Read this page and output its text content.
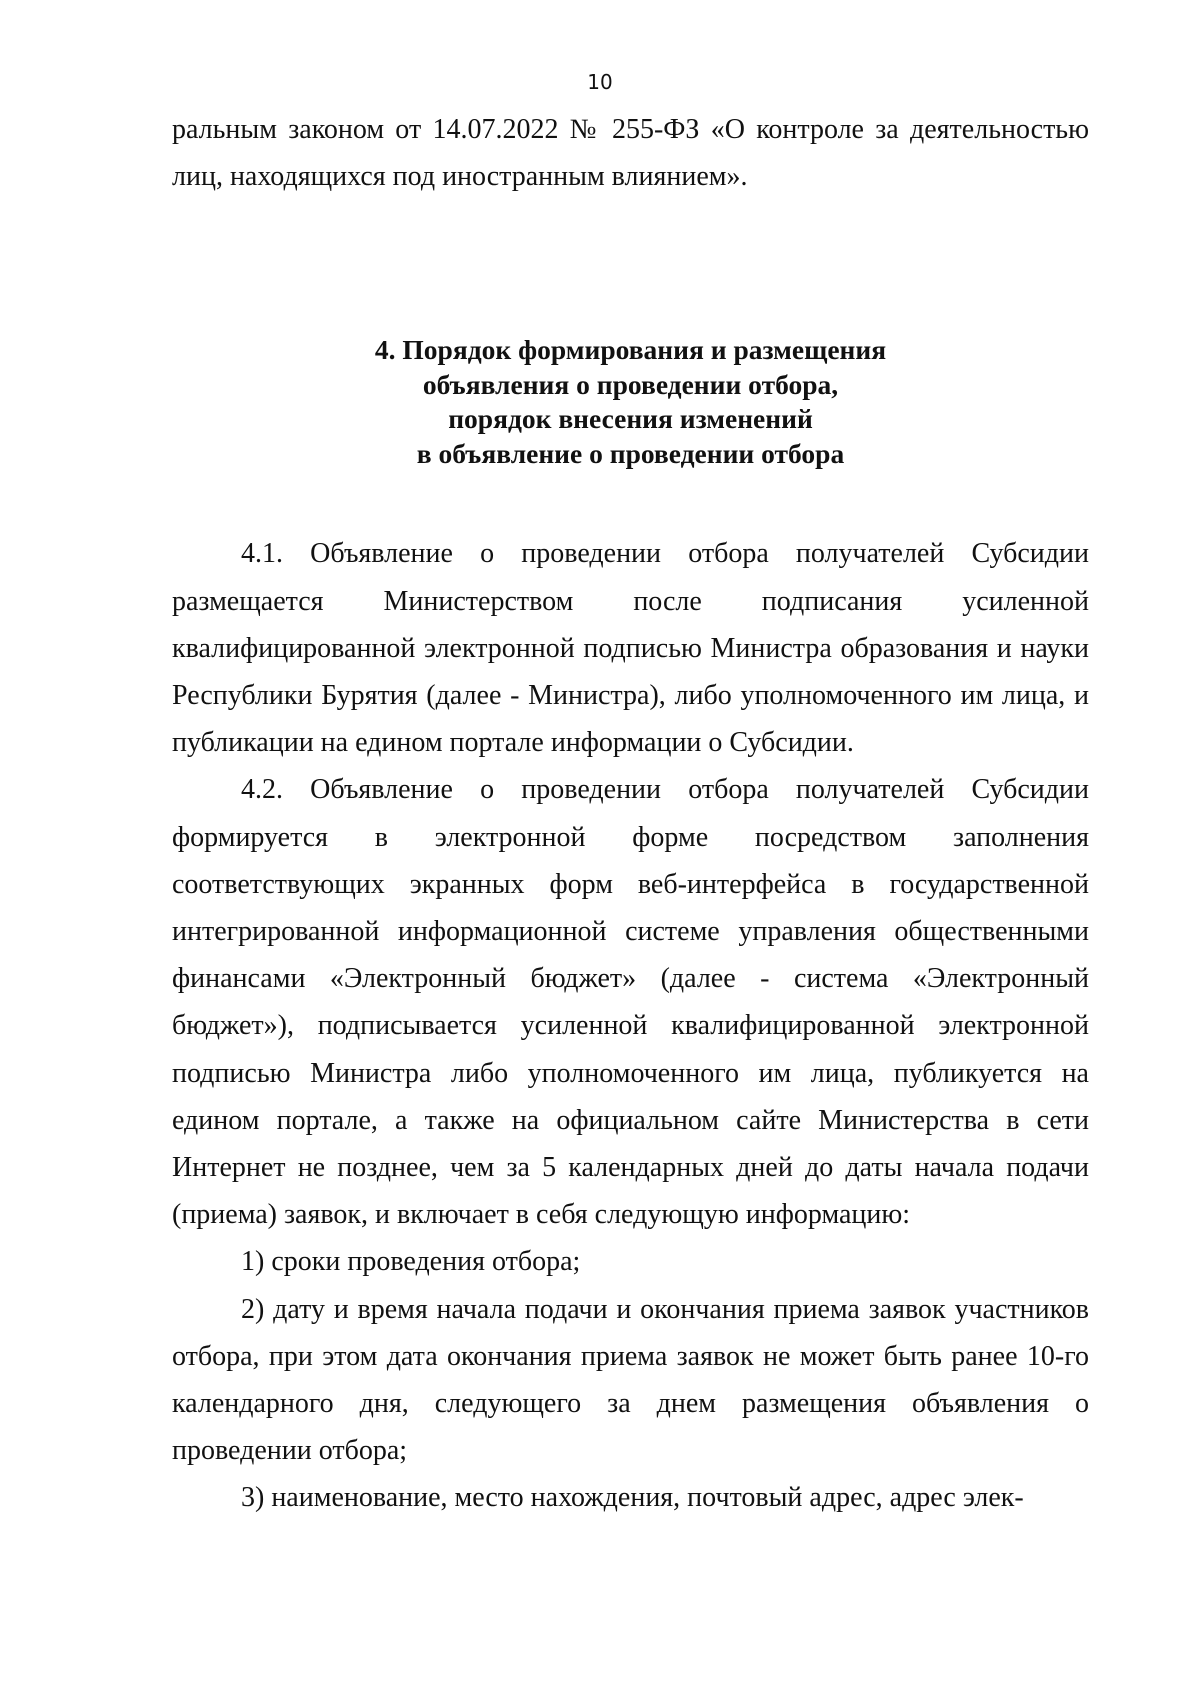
10

ральным законом от 14.07.2022 № 255-ФЗ «О контроле за деятельностью лиц, находящихся под иностранным влиянием».

4. Порядок формирования и размещения
объявления о проведении отбора,
порядок внесения изменений
в объявление о проведении отбора

4.1. Объявление о проведении отбора получателей Субсидии размещается Министерством после подписания усиленной квалифицированной электронной подписью Министра образования и науки Республики Бурятия (далее - Министра), либо уполномоченного им лица, и публикации на едином портале информации о Субсидии.

4.2. Объявление о проведении отбора получателей Субсидии формируется в электронной форме посредством заполнения соответствующих экранных форм веб-интерфейса в государственной интегрированной информационной системе управления общественными финансами «Электронный бюджет» (далее - система «Электронный бюджет»), подписывается усиленной квалифицированной электронной подписью Министра либо уполномоченного им лица, публикуется на едином портале, а также на официальном сайте Министерства в сети Интернет не позднее, чем за 5 календарных дней до даты начала подачи (приема) заявок, и включает в себя следующую информацию:

1) сроки проведения отбора;

2) дату и время начала подачи и окончания приема заявок участников отбора, при этом дата окончания приема заявок не может быть ранее 10-го календарного дня, следующего за днем размещения объявления о проведении отбора;

3) наименование, место нахождения, почтовый адрес, адрес элек-
